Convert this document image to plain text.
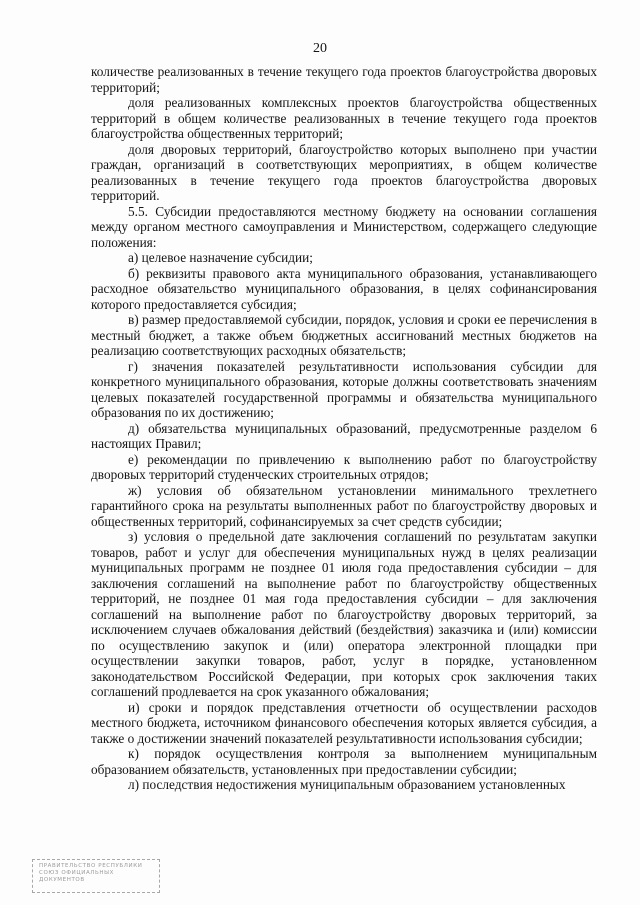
20

количестве реализованных в течение текущего года проектов благоустройства дворовых территорий;

доля реализованных комплексных проектов благоустройства общественных территорий в общем количестве реализованных в течение текущего года проектов благоустройства общественных территорий;

доля дворовых территорий, благоустройство которых выполнено при участии граждан, организаций в соответствующих мероприятиях, в общем количестве реализованных в течение текущего года проектов благоустройства дворовых территорий.

5.5. Субсидии предоставляются местному бюджету на основании соглашения между органом местного самоуправления и Министерством, содержащего следующие положения:

а) целевое назначение субсидии;

б) реквизиты правового акта муниципального образования, устанавливающего расходное обязательство муниципального образования, в целях софинансирования которого предоставляется субсидия;

в) размер предоставляемой субсидии, порядок, условия и сроки ее перечисления в местный бюджет, а также объем бюджетных ассигнований местных бюджетов на реализацию соответствующих расходных обязательств;

г) значения показателей результативности использования субсидии для конкретного муниципального образования, которые должны соответствовать значениям целевых показателей государственной программы и обязательства муниципального образования по их достижению;

д) обязательства муниципальных образований, предусмотренные разделом 6 настоящих Правил;

е) рекомендации по привлечению к выполнению работ по благоустройству дворовых территорий студенческих строительных отрядов;

ж) условия об обязательном установлении минимального трехлетнего гарантийного срока на результаты выполненных работ по благоустройству дворовых и общественных территорий, софинансируемых за счет средств субсидии;

з) условия о предельной дате заключения соглашений по результатам закупки товаров, работ и услуг для обеспечения муниципальных нужд в целях реализации муниципальных программ не позднее 01 июля года предоставления субсидии – для заключения соглашений на выполнение работ по благоустройству общественных территорий, не позднее 01 мая года предоставления субсидии – для заключения соглашений на выполнение работ по благоустройству дворовых территорий, за исключением случаев обжалования действий (бездействия) заказчика и (или) комиссии по осуществлению закупок и (или) оператора электронной площадки при осуществлении закупки товаров, работ, услуг в порядке, установленном законодательством Российской Федерации, при которых срок заключения таких соглашений продлевается на срок указанного обжалования;

и) сроки и порядок представления отчетности об осуществлении расходов местного бюджета, источником финансового обеспечения которых является субсидия, а также о достижении значений показателей результативности использования субсидии;

к) порядок осуществления контроля за выполнением муниципальным образованием обязательств, установленных при предоставлении субсидии;

л) последствия недостижения муниципальным образованием установленных

ПРАВИТЕЛЬСТВО РЕСПУБЛИКИ
СОЮЗ ОФИЦИАЛЬНЫХ
ДОКУМЕНТОВ
